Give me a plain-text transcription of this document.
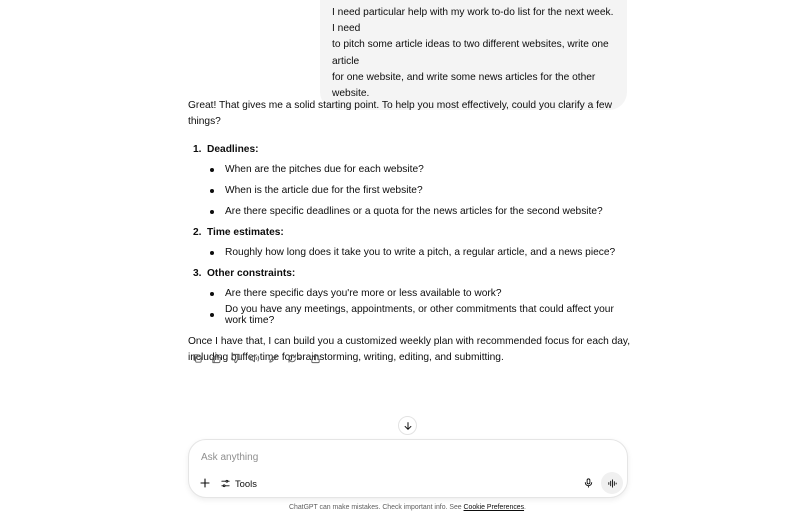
I need particular help with my work to-do list for the next week. I need
to pitch some article ideas to two different websites, write one article
for one website, and write some news articles for the other website.

Great! That gives me a solid starting point. To help you most effectively, could you clarify a few things?

1. Deadlines:
When are the pitches due for each website?
When is the article due for the first website?
Are there specific deadlines or a quota for the news articles for the second website?
2. Time estimates:
Roughly how long does it take you to write a pitch, a regular article, and a news piece?
3. Other constraints:
Are there specific days you're more or less available to work?
Do you have any meetings, appointments, or other commitments that could affect your work time?

Once I have that, I can build you a customized weekly plan with recommended focus for each day, including buffer time for brainstorming, writing, editing, and submitting.

Ask anything
Tools
ChatGPT can make mistakes. Check important info. See Cookie Preferences.
